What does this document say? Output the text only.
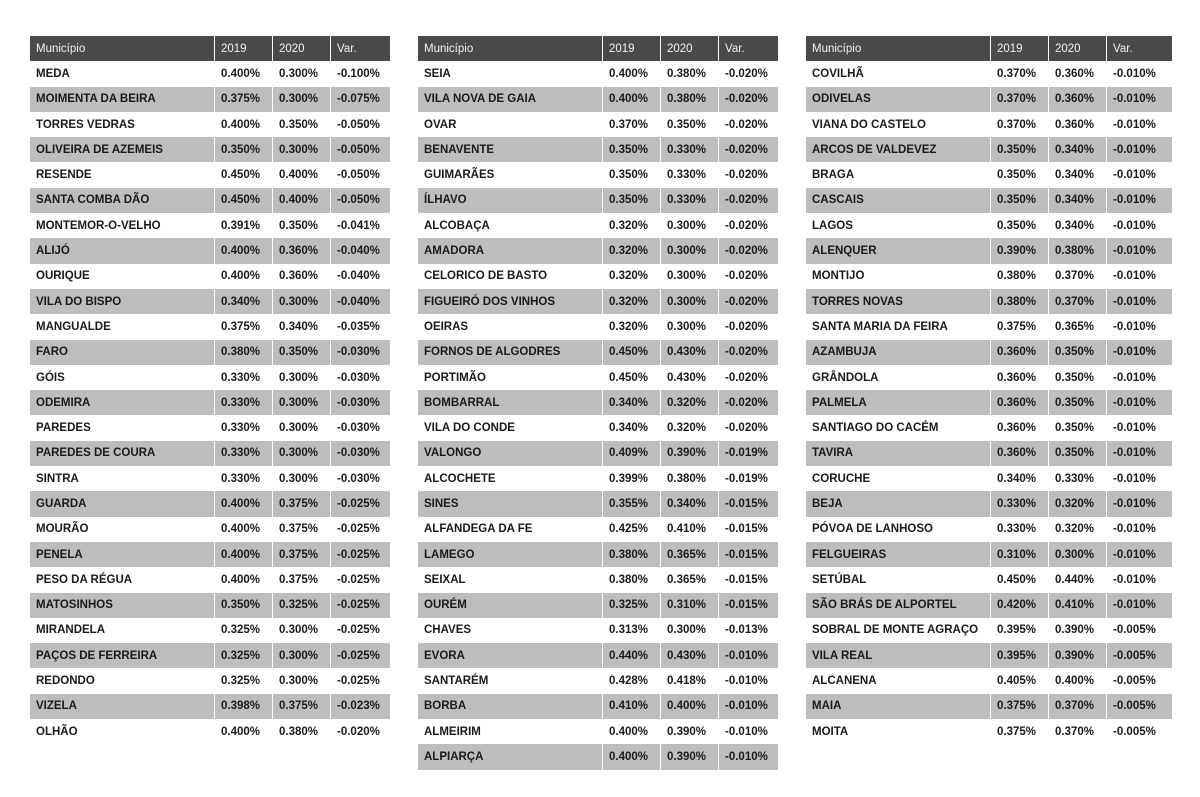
Município	2019	2020	Var.
MEDA	0.400%	0.300%	-0.100%
MOIMENTA DA BEIRA	0.375%	0.300%	-0.075%
TORRES VEDRAS	0.400%	0.350%	-0.050%
OLIVEIRA DE AZEMEIS	0.350%	0.300%	-0.050%
RESENDE	0.450%	0.400%	-0.050%
SANTA COMBA DÃO	0.450%	0.400%	-0.050%
MONTEMOR-O-VELHO	0.391%	0.350%	-0.041%
ALIJÓ	0.400%	0.360%	-0.040%
OURIQUE	0.400%	0.360%	-0.040%
VILA DO BISPO	0.340%	0.300%	-0.040%
MANGUALDE	0.375%	0.340%	-0.035%
FARO	0.380%	0.350%	-0.030%
GÓIS	0.330%	0.300%	-0.030%
ODEMIRA	0.330%	0.300%	-0.030%
PAREDES	0.330%	0.300%	-0.030%
PAREDES DE COURA	0.330%	0.300%	-0.030%
SINTRA	0.330%	0.300%	-0.030%
GUARDA	0.400%	0.375%	-0.025%
MOURÃO	0.400%	0.375%	-0.025%
PENELA	0.400%	0.375%	-0.025%
PESO DA RÉGUA	0.400%	0.375%	-0.025%
MATOSINHOS	0.350%	0.325%	-0.025%
MIRANDELA	0.325%	0.300%	-0.025%
PAÇOS DE FERREIRA	0.325%	0.300%	-0.025%
REDONDO	0.325%	0.300%	-0.025%
VIZELA	0.398%	0.375%	-0.023%
OLHÃO	0.400%	0.380%	-0.020%
Município	2019	2020	Var.
SEIA	0.400%	0.380%	-0.020%
VILA NOVA DE GAIA	0.400%	0.380%	-0.020%
OVAR	0.370%	0.350%	-0.020%
BENAVENTE	0.350%	0.330%	-0.020%
GUIMARÃES	0.350%	0.330%	-0.020%
ÍLHAVO	0.350%	0.330%	-0.020%
ALCOBAÇA	0.320%	0.300%	-0.020%
AMADORA	0.320%	0.300%	-0.020%
CELORICO DE BASTO	0.320%	0.300%	-0.020%
FIGUEIRÓ DOS VINHOS	0.320%	0.300%	-0.020%
OEIRAS	0.320%	0.300%	-0.020%
FORNOS DE ALGODRES	0.450%	0.430%	-0.020%
PORTIMÃO	0.450%	0.430%	-0.020%
BOMBARRAL	0.340%	0.320%	-0.020%
VILA DO CONDE	0.340%	0.320%	-0.020%
VALONGO	0.409%	0.390%	-0.019%
ALCOCHETE	0.399%	0.380%	-0.019%
SINES	0.355%	0.340%	-0.015%
ALFANDEGA DA FE	0.425%	0.410%	-0.015%
LAMEGO	0.380%	0.365%	-0.015%
SEIXAL	0.380%	0.365%	-0.015%
OURÉM	0.325%	0.310%	-0.015%
CHAVES	0.313%	0.300%	-0.013%
EVORA	0.440%	0.430%	-0.010%
SANTARÉM	0.428%	0.418%	-0.010%
BORBA	0.410%	0.400%	-0.010%
ALMEIRIM	0.400%	0.390%	-0.010%
ALPIARÇA	0.400%	0.390%	-0.010%
Município	2019	2020	Var.
COVILHÃ	0.370%	0.360%	-0.010%
ODIVELAS	0.370%	0.360%	-0.010%
VIANA DO CASTELO	0.370%	0.360%	-0.010%
ARCOS DE VALDEVEZ	0.350%	0.340%	-0.010%
BRAGA	0.350%	0.340%	-0.010%
CASCAIS	0.350%	0.340%	-0.010%
LAGOS	0.350%	0.340%	-0.010%
ALENQUER	0.390%	0.380%	-0.010%
MONTIJO	0.380%	0.370%	-0.010%
TORRES NOVAS	0.380%	0.370%	-0.010%
SANTA MARIA DA FEIRA	0.375%	0.365%	-0.010%
AZAMBUJA	0.360%	0.350%	-0.010%
GRÂNDOLA	0.360%	0.350%	-0.010%
PALMELA	0.360%	0.350%	-0.010%
SANTIAGO DO CACÉM	0.360%	0.350%	-0.010%
TAVIRA	0.360%	0.350%	-0.010%
CORUCHE	0.340%	0.330%	-0.010%
BEJA	0.330%	0.320%	-0.010%
PÓVOA DE LANHOSO	0.330%	0.320%	-0.010%
FELGUEIRAS	0.310%	0.300%	-0.010%
SETÚBAL	0.450%	0.440%	-0.010%
SÃO BRÁS DE ALPORTEL	0.420%	0.410%	-0.010%
SOBRAL DE MONTE AGRAÇO	0.395%	0.390%	-0.005%
VILA REAL	0.395%	0.390%	-0.005%
ALCANENA	0.405%	0.400%	-0.005%
MAIA	0.375%	0.370%	-0.005%
MOITA	0.375%	0.370%	-0.005%
